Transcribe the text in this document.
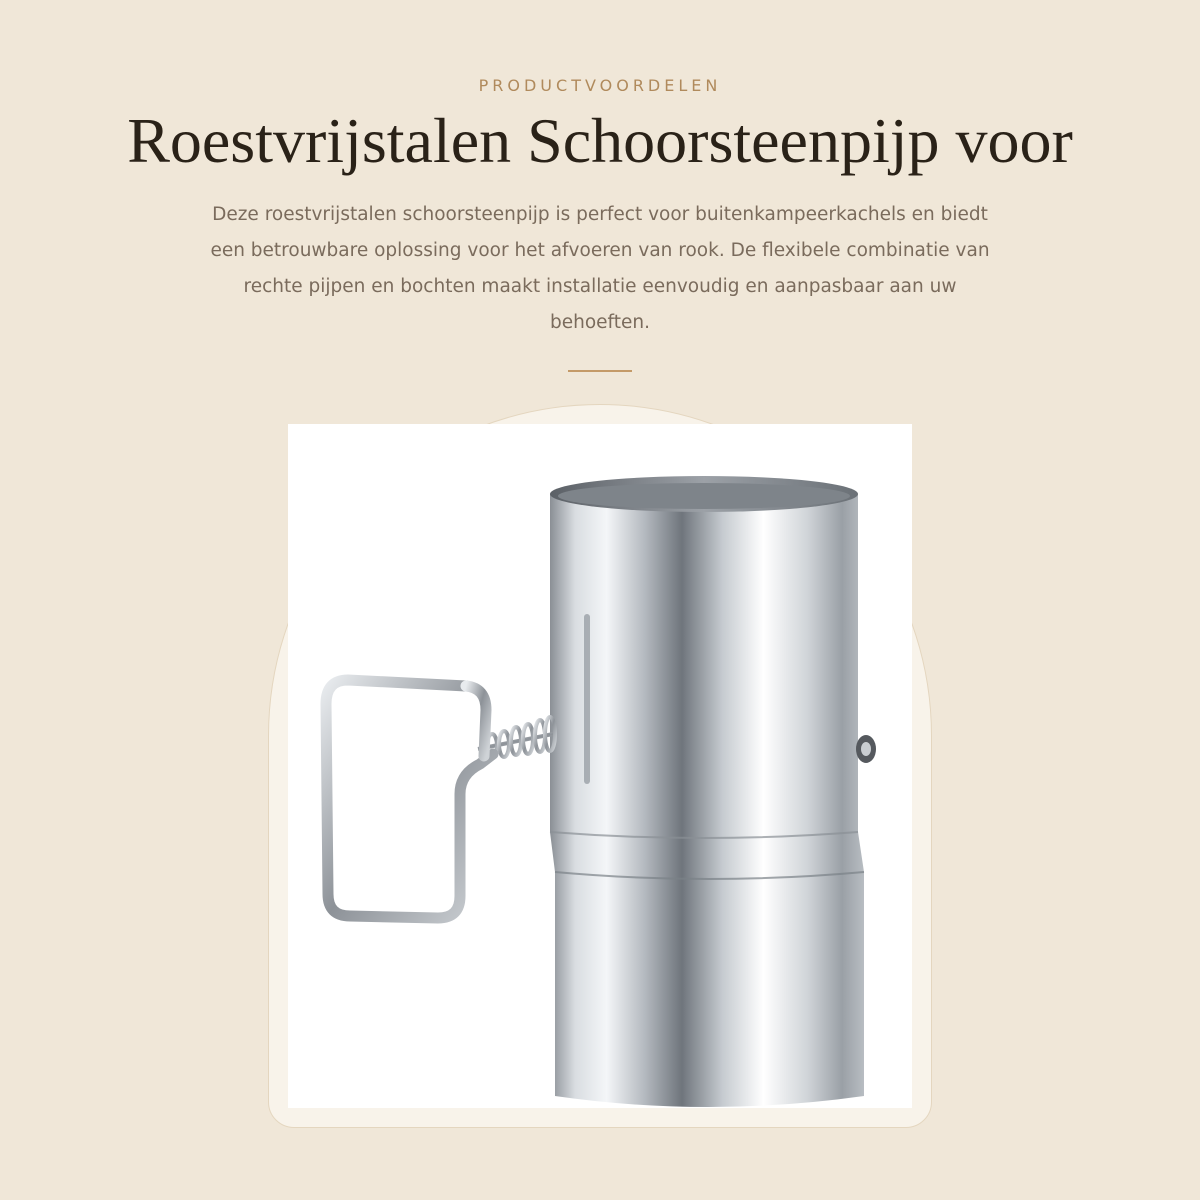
PRODUCTVOORDELEN
Roestvrijstalen Schoorsteenpijp voor

Deze roestvrijstalen schoorsteenpijp is perfect voor buitenkampeerkachels en biedt een betrouwbare oplossing voor het afvoeren van rook. De flexibele combinatie van rechte pijpen en bochten maakt installatie eenvoudig en aanpasbaar aan uw behoeften.
